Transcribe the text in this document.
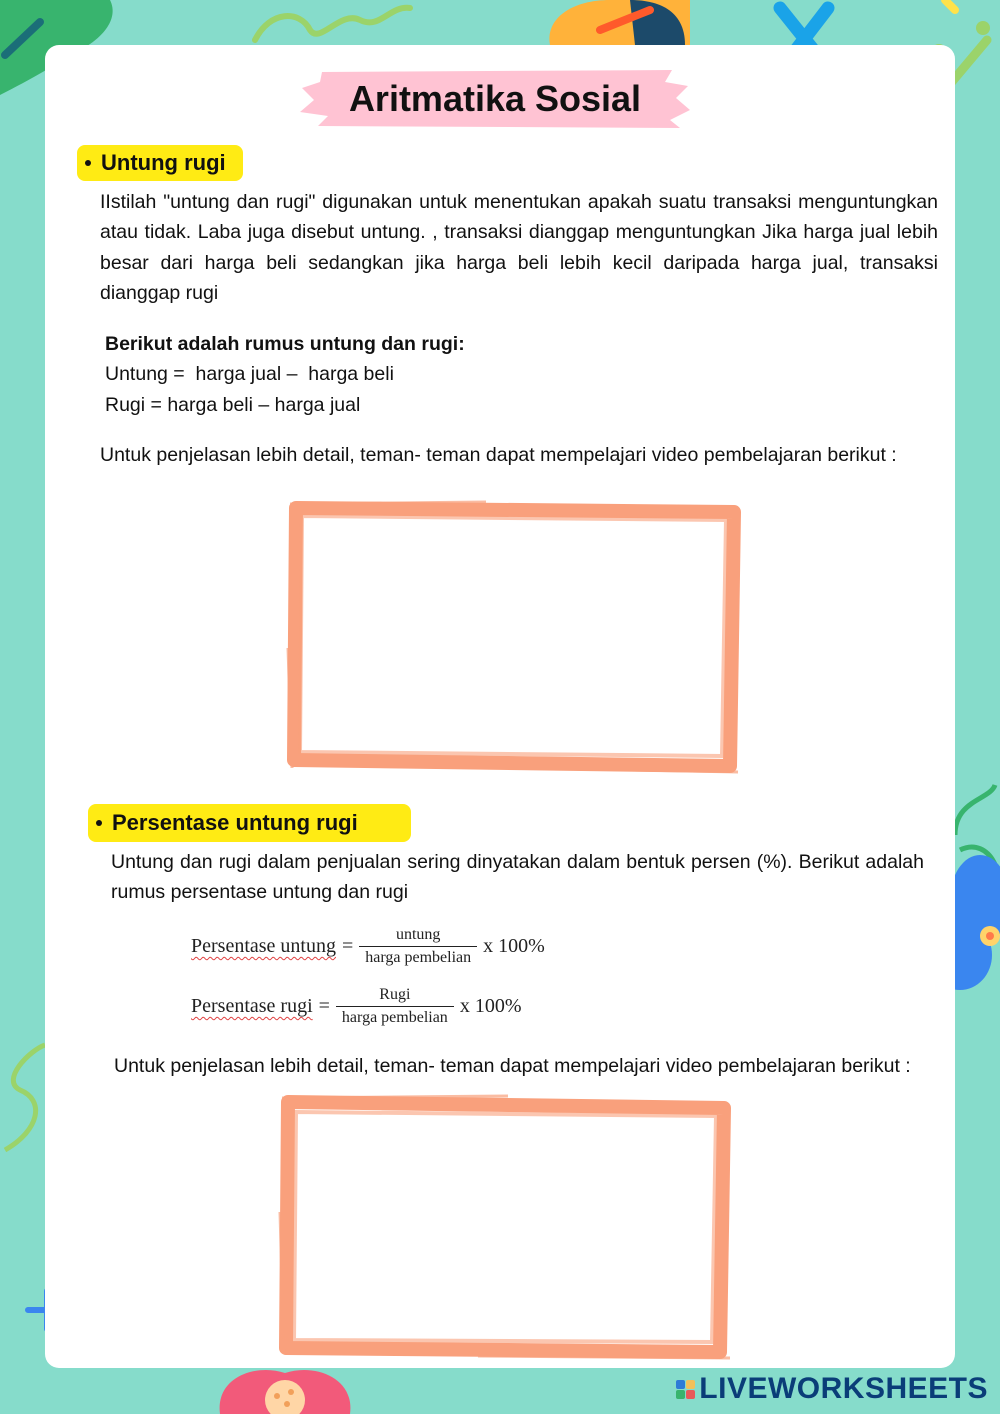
Aritmatika Sosial
Untung rugi
IIstilah "untung dan rugi" digunakan untuk menentukan apakah suatu transaksi menguntungkan atau tidak. Laba juga disebut untung. , transaksi dianggap menguntungkan Jika harga jual lebih besar dari harga beli sedangkan jika harga beli lebih kecil daripada harga jual, transaksi dianggap rugi
Berikut adalah rumus untung dan rugi:
Untung =  harga jual –  harga beli
Rugi = harga beli – harga jual
Untuk penjelasan lebih detail, teman- teman dapat mempelajari video pembelajaran berikut :
Persentase untung rugi
Untung dan rugi dalam penjualan sering dinyatakan dalam bentuk persen (%). Berikut adalah rumus persentase untung dan rugi
Persentase untung = $\frac{\text{untung}}{\text{harga pembelian}}$ x 100%
Persentase rugi = $\frac{\text{Rugi}}{\text{harga pembelian}}$ x 100%
Untuk penjelasan lebih detail, teman- teman dapat mempelajari video pembelajaran berikut :
LIVEWORKSHEETS
